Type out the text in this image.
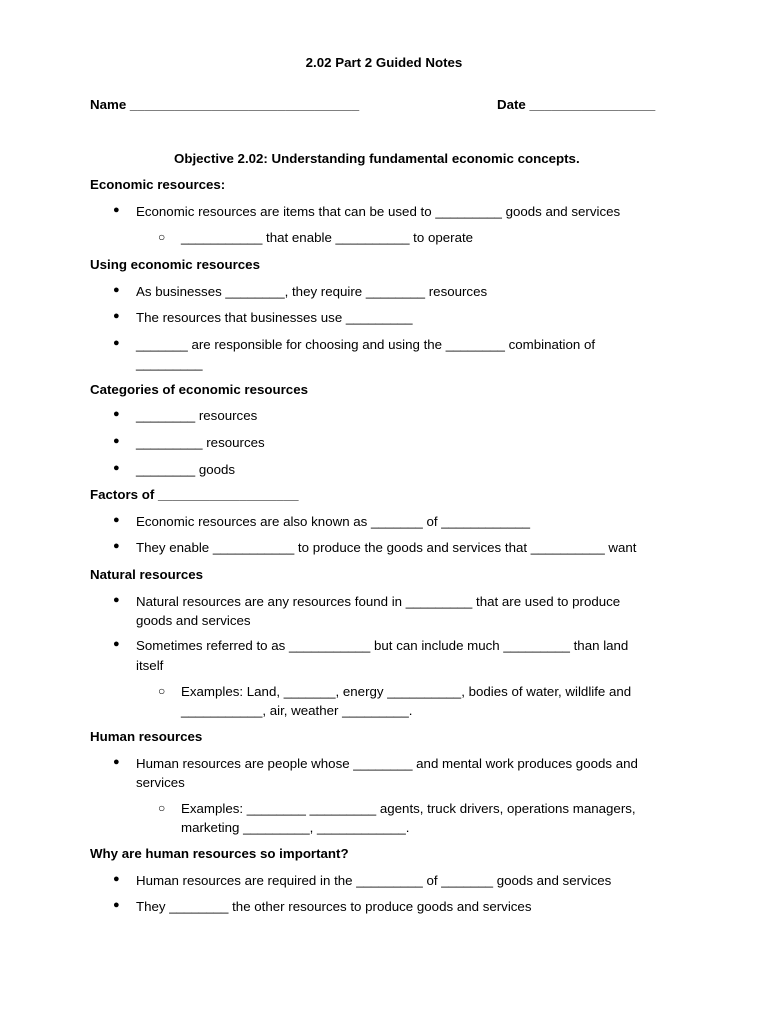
2.02 Part 2 Guided Notes
Name _______________________________	Date _________________
Objective 2.02: Understanding fundamental economic concepts.
Economic resources:
● Economic resources are items that can be used to _________ goods and services
○ ___________ that enable __________ to operate
Using economic resources
● As businesses ________, they require ________ resources
● The resources that businesses use _________
● _______ are responsible for choosing and using the ________ combination of
_________
Categories of economic resources
● ________ resources
● _________ resources
● ________ goods
Factors of ___________________
● Economic resources are also known as _______ of ____________
● They enable ___________ to produce the goods and services that __________ want
Natural resources
● Natural resources are any resources found in _________ that are used to produce
goods and services
● Sometimes referred to as ___________ but can include much _________ than land
itself
○ Examples: Land, _______, energy __________, bodies of water, wildlife and
___________, air, weather _________.
Human resources
● Human resources are people whose ________ and mental work produces goods and
services
○ Examples: ________ _________ agents, truck drivers, operations managers,
marketing _________, ____________.
Why are human resources so important?
● Human resources are required in the _________ of _______ goods and services
● They ________ the other resources to produce goods and services
